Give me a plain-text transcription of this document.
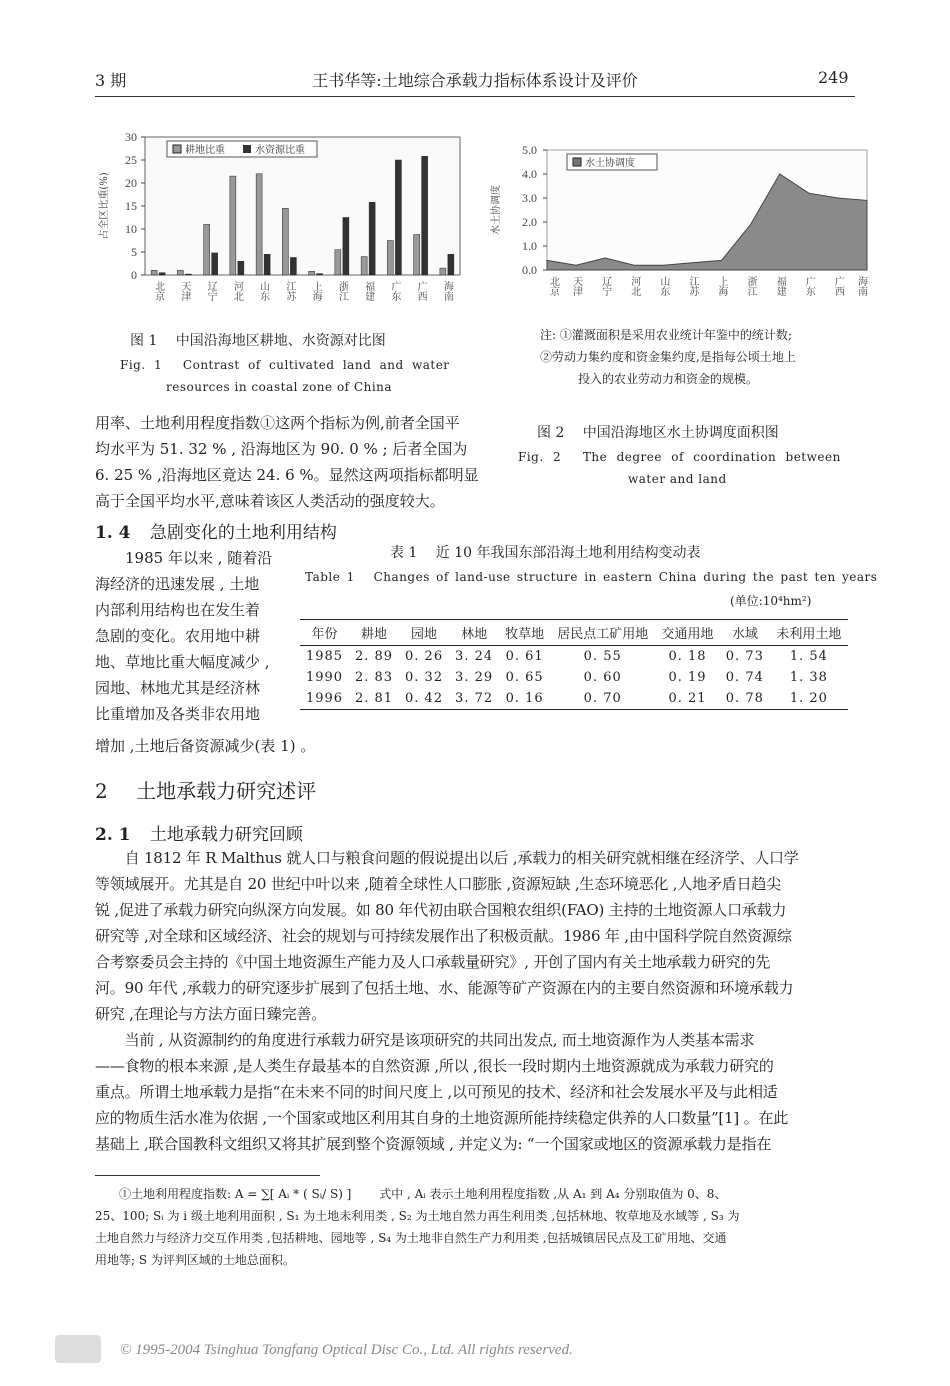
3 期	王书华等:土地综合承载力指标体系设计及评价	249
0
5
10
15
20
25
30
占全区比重(%)
北京 天津 辽宁 河北 山东 江苏 上海 浙江 福建 广东 广西 海南
耕地比重	水资源比重
0.0
1.0
2.0
3.0
4.0
5.0
水土协调度
北京 天津 辽宁 河北 山东 江苏 上海 浙江 福建 广东 广西 海南
水土协调度
图 1　 中国沿海地区耕地、水资源对比图
Fig. 1　 Contrast of cultivated land and water
resources in coastal zone of China
注: ①灌溉面积是采用农业统计年鉴中的统计数;
②劳动力集约度和资金集约度,是指每公顷土地上
投入的农业劳动力和资金的规模。
图 2　 中国沿海地区水土协调度面积图
Fig. 2　 The degree of coordination between
water and land
用率、土地利用程度指数①这两个指标为例,前者全国平
均水平为 51. 32 % , 沿海地区为 90. 0 % ; 后者全国为
6. 25 % ,沿海地区竟达 24. 6 %。显然这两项指标都明显
高于全国平均水平,意味着该区人类活动的强度较大。
1. 4 急剧变化的土地利用结构
1985 年以来 , 随着沿
海经济的迅速发展 , 土地
内部利用结构也在发生着
急剧的变化。农用地中耕
地、草地比重大幅度减少 ,
园地、林地尤其是经济林
比重增加及各类非农用地
增加 ,土地后备资源减少(表 1) 。
表 1　 近 10 年我国东部沿海土地利用结构变动表
Table 1　 Changes of land-use structure in eastern China during the past ten years
(单位:10⁴hm²)
年份	耕地	园地	林地	牧草地	居民点工矿用地	交通用地	水域	未利用土地
1985	2. 89	0. 26	3. 24	0. 61	0. 55	0. 18	0. 73	1. 54
1990	2. 83	0. 32	3. 29	0. 65	0. 60	0. 19	0. 74	1. 38
1996	2. 81	0. 42	3. 72	0. 16	0. 70	0. 21	0. 78	1. 20
2 土地承载力研究述评
2. 1 土地承载力研究回顾
　　自 1812 年 R Malthus 就人口与粮食问题的假说提出以后 ,承载力的相关研究就相继在经济学、人口学
等领域展开。尤其是自 20 世纪中叶以来 ,随着全球性人口膨胀 ,资源短缺 ,生态环境恶化 ,人地矛盾日趋尖
锐 ,促进了承载力研究向纵深方向发展。如 80 年代初由联合国粮农组织(FAO) 主持的土地资源人口承载力
研究等 ,对全球和区域经济、社会的规划与可持续发展作出了积极贡献。1986 年 ,由中国科学院自然资源综
合考察委员会主持的《中国土地资源生产能力及人口承载量研究》, 开创了国内有关土地承载力研究的先
河。90 年代 ,承载力的研究逐步扩展到了包括土地、水、能源等矿产资源在内的主要自然资源和环境承载力
研究 ,在理论与方法方面日臻完善。
　　当前 , 从资源制约的角度进行承载力研究是该项研究的共同出发点, 而土地资源作为人类基本需求
——食物的根本来源 ,是人类生存最基本的自然资源 ,所以 ,很长一段时期内土地资源就成为承载力研究的
重点。所谓土地承载力是指“在未来不同的时间尺度上 ,以可预见的技术、经济和社会发展水平及与此相适
应的物质生活水准为依据 ,一个国家或地区利用其自身的土地资源所能持续稳定供养的人口数量”[1] 。在此
基础上 ,联合国教科文组织又将其扩展到整个资源领域 , 并定义为: “一个国家或地区的资源承载力是指在
　　①土地利用程度指数: A = ∑[ Aᵢ * ( Sᵢ/ S) ]　　 式中 , Aᵢ 表示土地利用程度指数 ,从 A₁ 到 A₄ 分别取值为 0、8、
25、100; Sᵢ 为 i 级土地利用面积 , S₁ 为土地未利用类 , S₂ 为土地自然力再生利用类 ,包括林地、牧草地及水域等 , S₃ 为
土地自然力与经济力交互作用类 ,包括耕地、园地等 , S₄ 为土地非自然生产力利用类 ,包括城镇居民点及工矿用地、交通
用地等; S 为评判区域的土地总面积。
© 1995-2004 Tsinghua Tongfang Optical Disc Co., Ltd. All rights reserved.
